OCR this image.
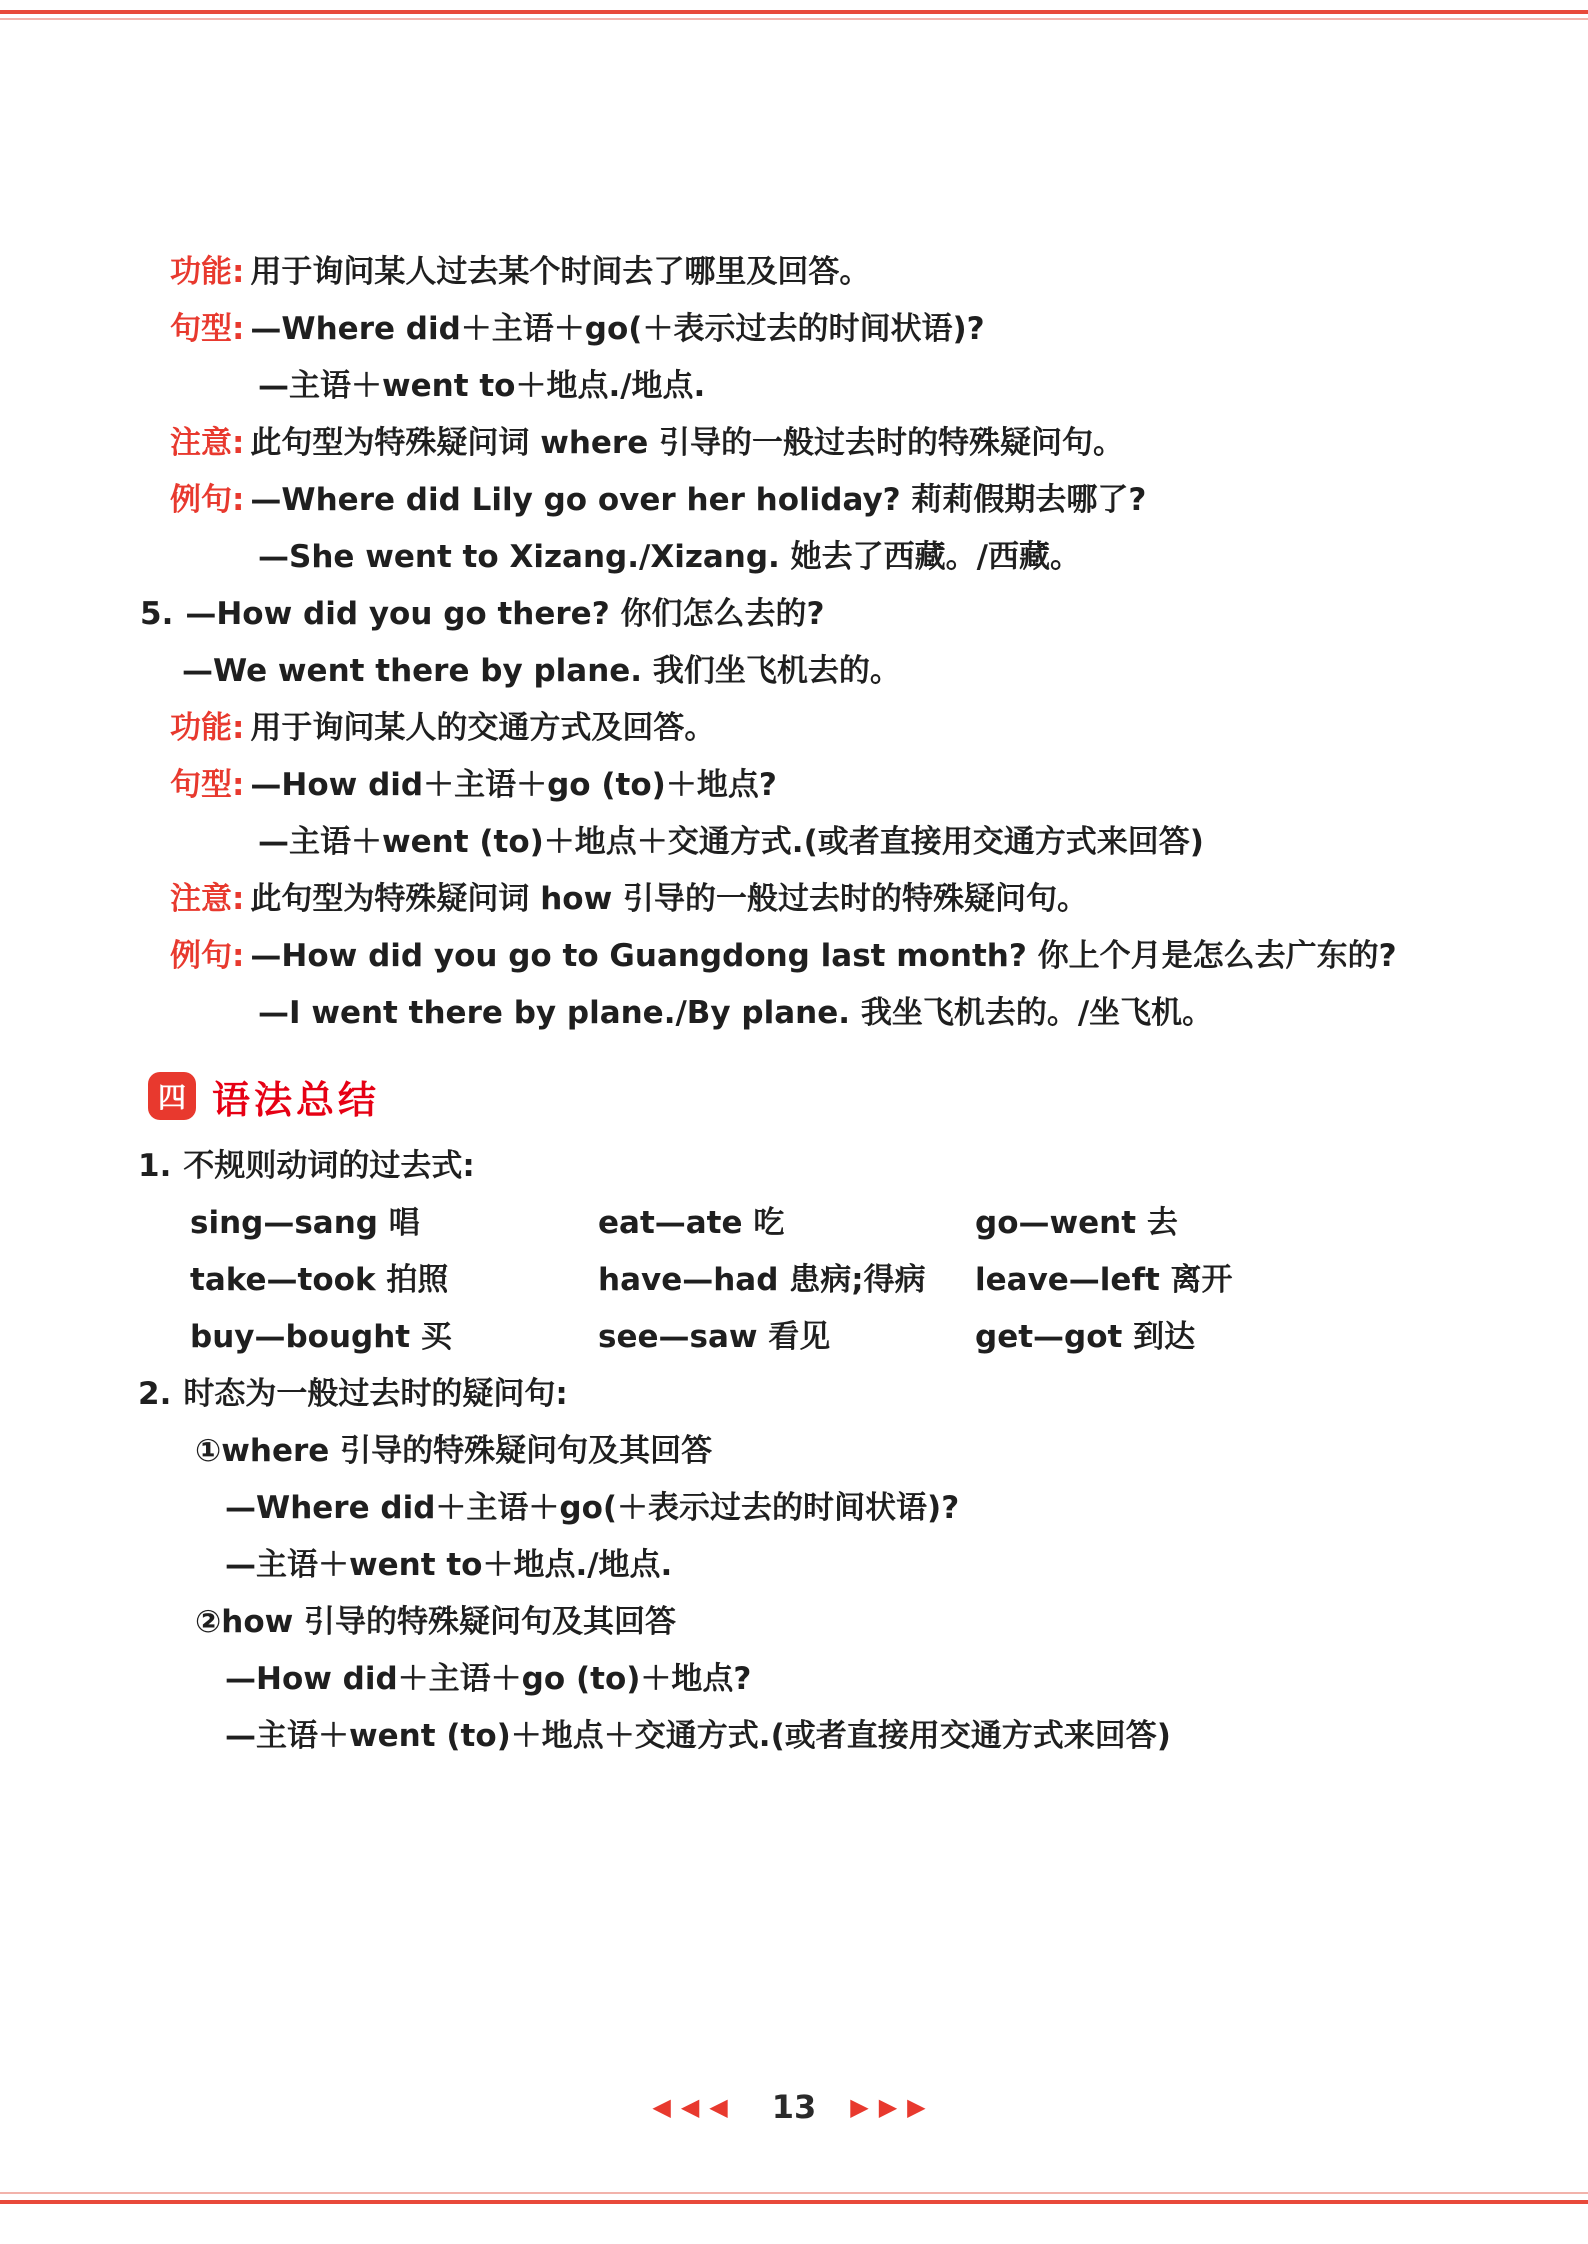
功能: 用于询问某人过去某个时间去了哪里及回答。
句型: —Where did＋主语＋go(＋表示过去的时间状语)?
—主语＋went to＋地点./地点.
注意: 此句型为特殊疑问词 where 引导的一般过去时的特殊疑问句。
例句: —Where did Lily go over her holiday? 莉莉假期去哪了?
—She went to Xizang./Xizang. 她去了西藏。/西藏。
5. —How did you go there? 你们怎么去的?
—We went there by plane. 我们坐飞机去的。
功能: 用于询问某人的交通方式及回答。
句型: —How did＋主语＋go (to)＋地点?
—主语＋went (to)＋地点＋交通方式.(或者直接用交通方式来回答)
注意: 此句型为特殊疑问词 how 引导的一般过去时的特殊疑问句。
例句: —How did you go to Guangdong last month? 你上个月是怎么去广东的?
—I went there by plane./By plane. 我坐飞机去的。/坐飞机。
四 语法总结
1. 不规则动词的过去式:
sing—sang 唱	eat—ate 吃	go—went 去
take—took 拍照	have—had 患病;得病	leave—left 离开
buy—bought 买	see—saw 看见	get—got 到达
2. 时态为一般过去时的疑问句:
①where 引导的特殊疑问句及其回答
—Where did＋主语＋go(＋表示过去的时间状语)?
—主语＋went to＋地点./地点.
②how 引导的特殊疑问句及其回答
—How did＋主语＋go (to)＋地点?
—主语＋went (to)＋地点＋交通方式.(或者直接用交通方式来回答)
◀◀◀ 13 ▶▶▶
